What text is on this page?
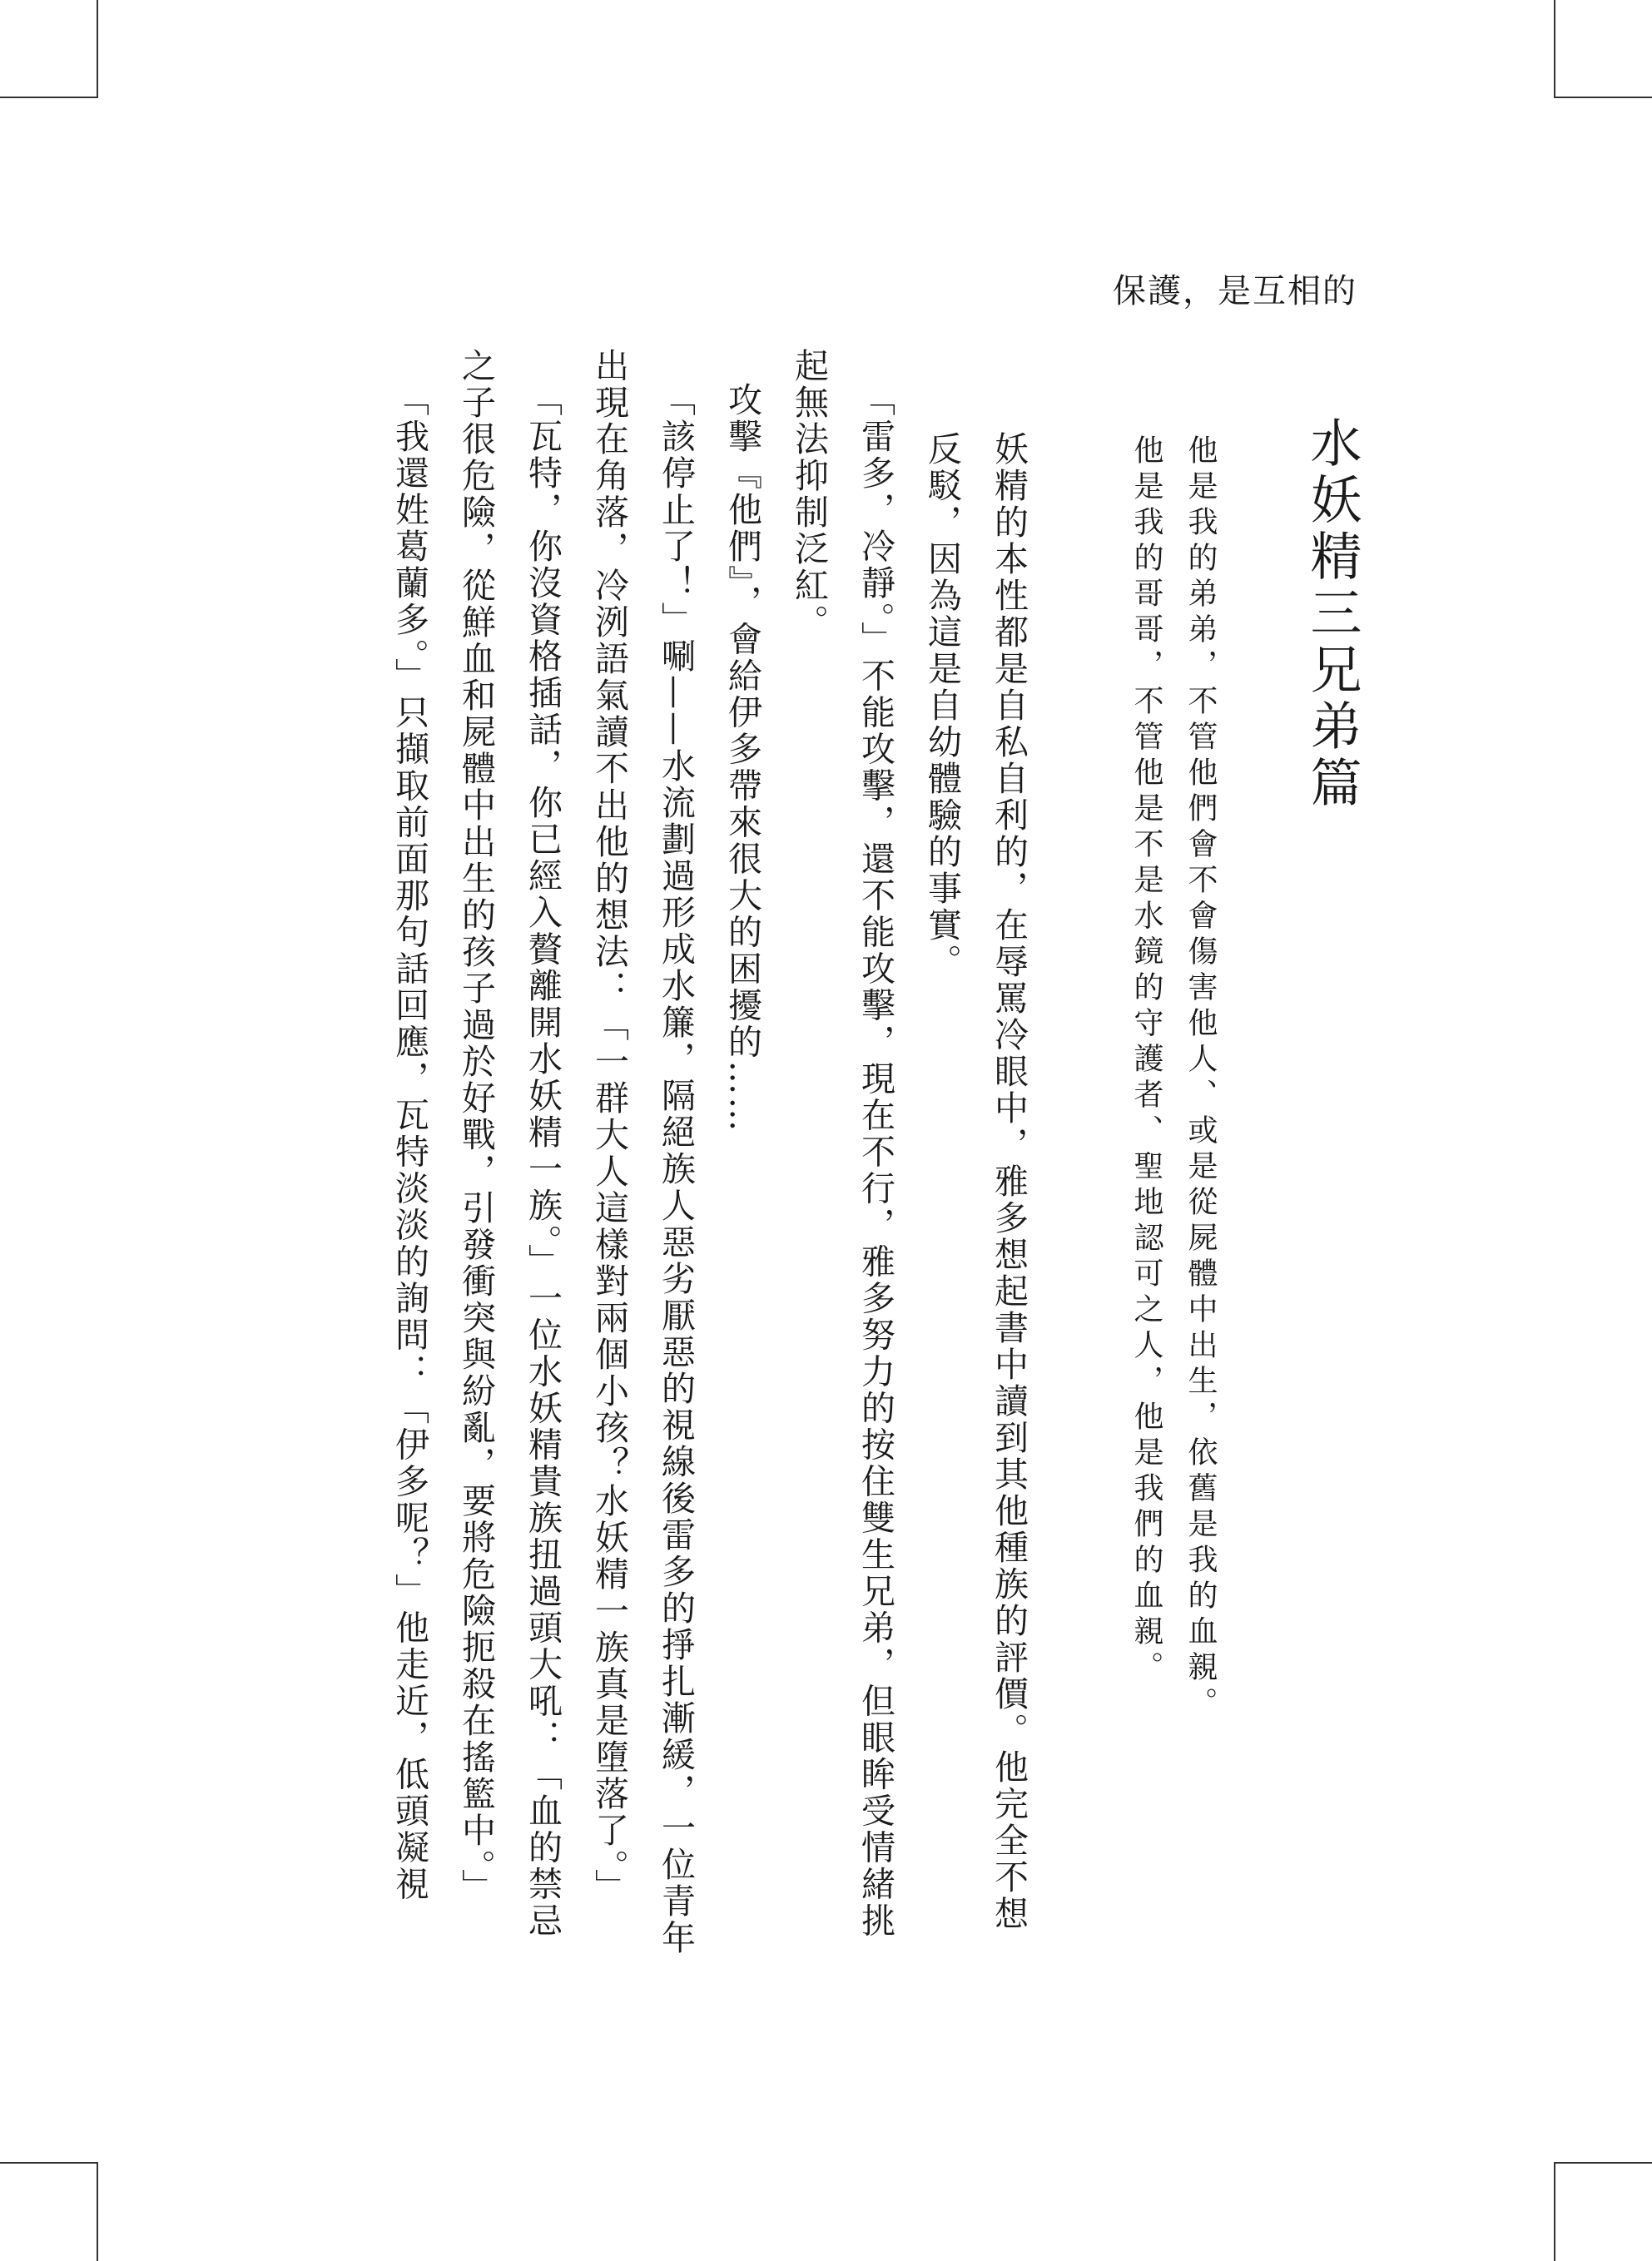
保護，是互相的
水妖精三兄弟篇
他是我的弟弟，不管他們會不會傷害他人、或是從屍體中出生，依舊是我的血親。
他是我的哥哥，不管他是不是水鏡的守護者、聖地認可之人，他是我們的血親。

妖精的本性都是自私自利的，在辱罵冷眼中，雅多想起書中讀到其他種族的評價。他完全不想反駁，因為這是自幼體驗的事實。

「雷多，冷靜。」不能攻擊，還不能攻擊，現在不行，雅多努力的按住雙生兄弟，但眼眸受情緒挑起無法抑制泛紅。

攻擊『他們』，會給伊多帶來很大的困擾的……

「該停止了！」唰——水流劃過形成水簾，隔絕族人惡劣厭惡的視線後雷多的掙扎漸緩，一位青年出現在角落，冷洌語氣讀不出他的想法：「一群大人這樣對兩個小孩？水妖精一族真是墮落了。」

「瓦特，你沒資格插話，你已經入贅離開水妖精一族。」一位水妖精貴族扭過頭大吼：「血的禁忌之子很危險，從鮮血和屍體中出生的孩子過於好戰，引發衝突與紛亂，要將危險扼殺在搖籃中。」

「我還姓葛蘭多。」只擷取前面那句話回應，瓦特淡淡的詢問：「伊多呢？」他走近，低頭凝視
